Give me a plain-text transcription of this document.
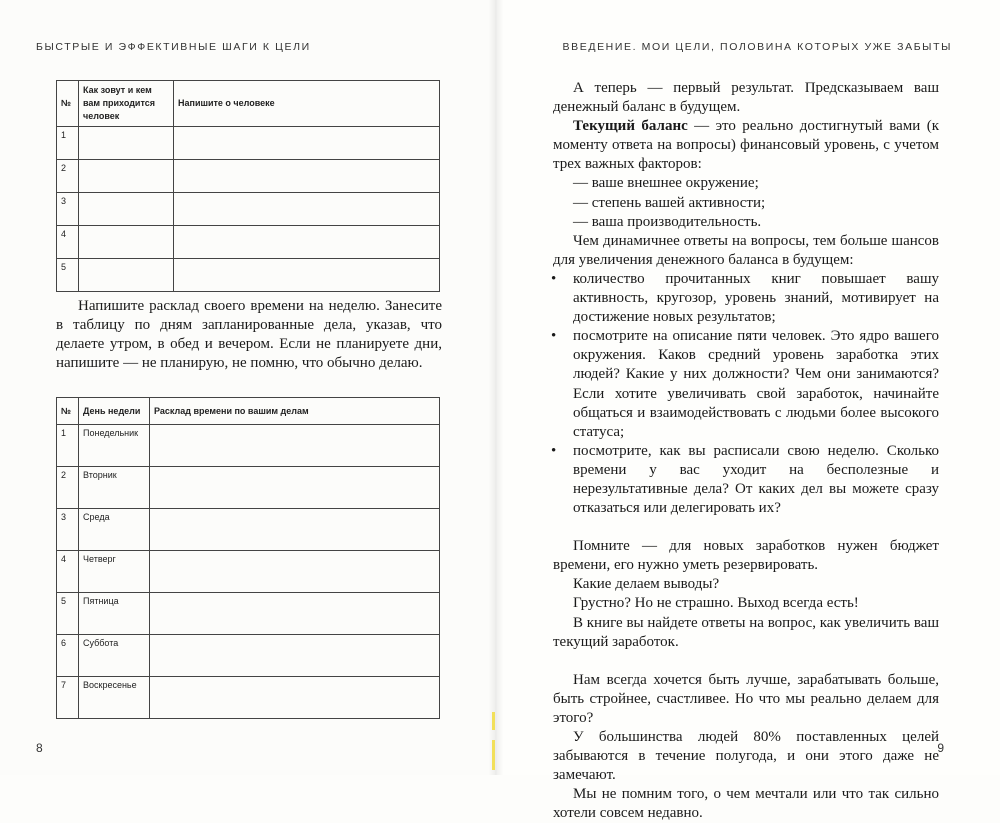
БЫСТРЫЕ И ЭФФЕКТИВНЫЕ ШАГИ К ЦЕЛИ
№	Как зовут и кем вам приходится человек	Напишите о человеке
1		
2		
3		
4		
5		

Напишите расклад своего времени на неделю. Занесите в таблицу по дням запланированные дела, указав, что делаете утром, в обед и вечером. Если не планируете дни, напишите — не планирую, не помню, что обычно делаю.

№	День недели	Расклад времени по вашим делам
1	Понедельник	
2	Вторник	
3	Среда	
4	Четверг	
5	Пятница	
6	Суббота	
7	Воскресенье	
8
ВВЕДЕНИЕ. МОИ ЦЕЛИ, ПОЛОВИНА КОТОРЫХ УЖЕ ЗАБЫТЫ

А теперь — первый результат. Предсказываем ваш денежный баланс в будущем.

Текущий баланс — это реально достигнутый вами (к моменту ответа на вопросы) финансовый уровень, с учетом трех важных факторов:

— ваше внешнее окружение;

— степень вашей активности;

— ваша производительность.

Чем динамичнее ответы на вопросы, тем больше шансов для увеличения денежного баланса в будущем:

• количество прочитанных книг повышает вашу активность, кругозор, уровень знаний, мотивирует на достижение новых результатов;
• посмотрите на описание пяти человек. Это ядро вашего окружения. Каков средний уровень заработка этих людей? Какие у них должности? Чем они занимаются? Если хотите увеличивать свой заработок, начинайте общаться и взаимодействовать с людьми более высокого статуса;
• посмотрите, как вы расписали свою неделю. Сколько времени у вас уходит на бесполезные и нерезультативные дела? От каких дел вы можете сразу отказаться или делегировать их?

Помните — для новых заработков нужен бюджет времени, его нужно уметь резервировать.

Какие делаем выводы?

Грустно? Но не страшно. Выход всегда есть!

В книге вы найдете ответы на вопрос, как увеличить ваш текущий заработок.

Нам всегда хочется быть лучше, зарабатывать больше, быть стройнее, счастливее. Но что мы реально делаем для этого?

У большинства людей 80% поставленных целей забываются в течение полугода, и они этого даже не замечают.

Мы не помним того, о чем мечтали или что так сильно хотели совсем недавно.

9
